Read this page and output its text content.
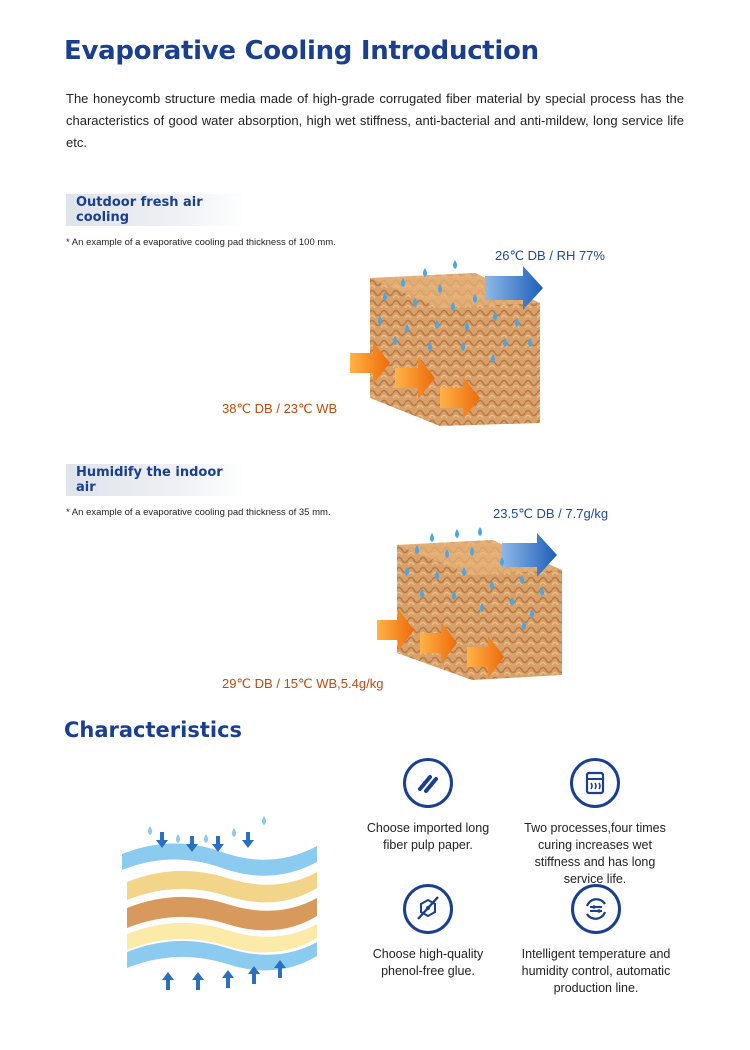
Evaporative Cooling Introduction

The honeycomb structure media made of high-grade corrugated fiber material by special process has the characteristics of good water absorption, high wet stiffness, anti-bacterial and anti-mildew, long service life etc.

Outdoor fresh air cooling
* An example of a evaporative cooling pad thickness of 100 mm.
26℃ DB / RH 77%
38℃ DB / 23℃ WB
Humidify the indoor air
* An example of a evaporative cooling pad thickness of 35 mm.	23.5℃ DB / 7.7g/kg
29℃ DB / 15℃ WB,5.4g/kg
Characteristics
Choose imported long fiber pulp paper.
Two processes,four times curing increases wet stiffness and has long service life.
Choose high-quality phenol-free glue.
Intelligent temperature and humidity control, automatic production line.
